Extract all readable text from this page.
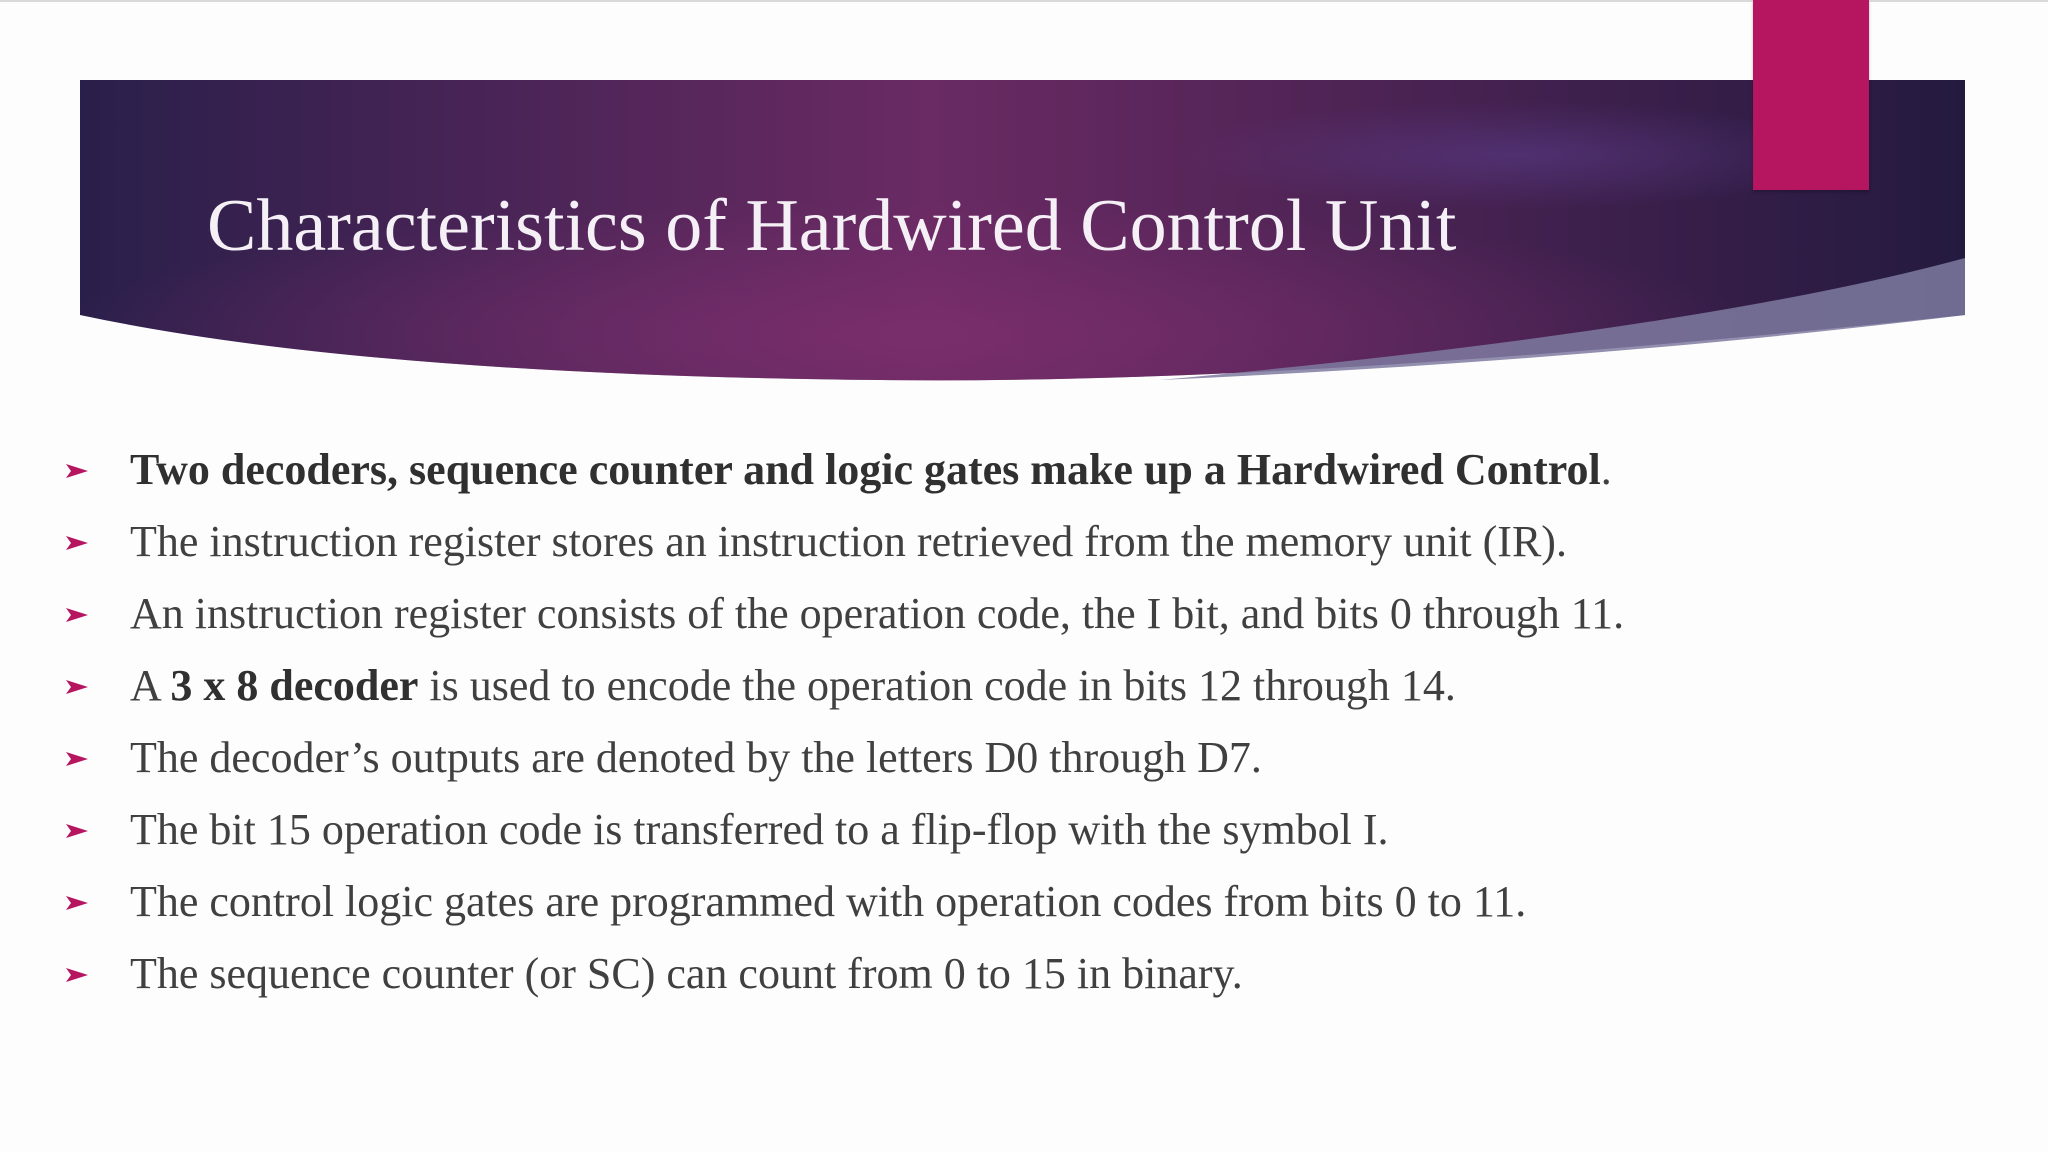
Characteristics of Hardwired Control Unit
Two decoders, sequence counter and logic gates make up a Hardwired Control.
The instruction register stores an instruction retrieved from the memory unit (IR).
An instruction register consists of the operation code, the I bit, and bits 0 through 11.
A 3 x 8 decoder is used to encode the operation code in bits 12 through 14.
The decoder’s outputs are denoted by the letters D0 through D7.
The bit 15 operation code is transferred to a flip-flop with the symbol I.
The control logic gates are programmed with operation codes from bits 0 to 11.
The sequence counter (or SC) can count from 0 to 15 in binary.
